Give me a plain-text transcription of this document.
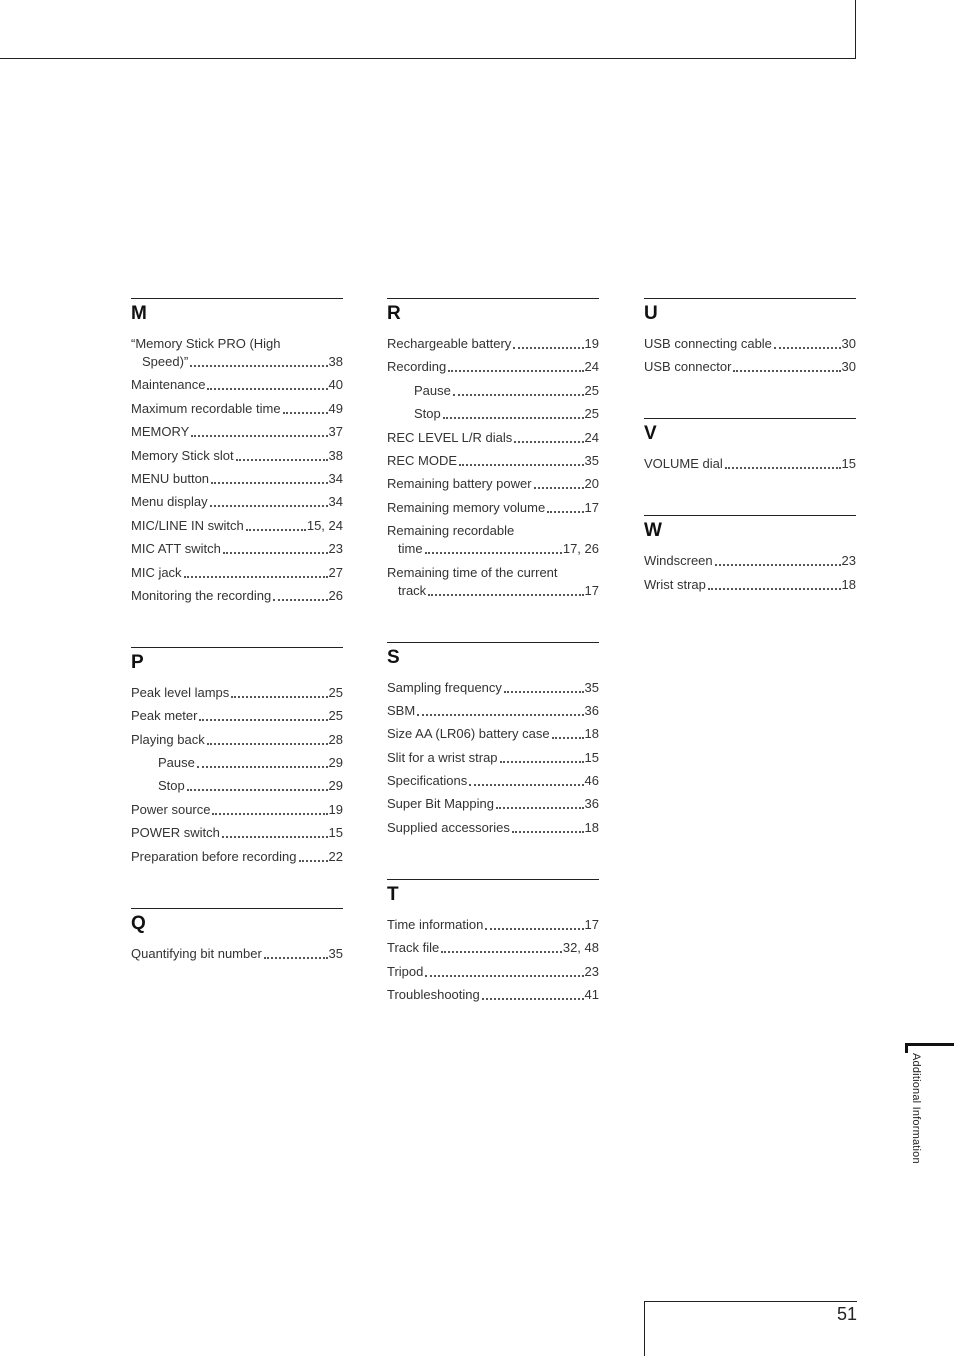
M
“Memory Stick PRO (High
Speed)”	38
Maintenance	40
Maximum recordable time	49
MEMORY	37
Memory Stick slot	38
MENU button	34
Menu display	34
MIC/LINE IN switch	15, 24
MIC ATT switch	23
MIC jack	27
Monitoring the recording	26
P
Peak level lamps	25
Peak meter	25
Playing back	28
Pause	29
Stop	29
Power source	19
POWER switch	15
Preparation before recording 22
Q
Quantifying bit number	35
R
Rechargeable battery	19
Recording	24
Pause	25
Stop	25
REC LEVEL L/R dials	24
REC MODE	35
Remaining battery power	20
Remaining memory volume	17
Remaining recordable
time	17, 26
Remaining time of the current
track	17
S
Sampling frequency	35
SBM	36
Size AA (LR06) battery case	18
Slit for a wrist strap	15
Specifications	46
Super Bit Mapping	36
Supplied accessories	18
T
Time information	17
Track file	32, 48
Tripod	23
Troubleshooting	41
U
USB connecting cable	30
USB connector	30
V
VOLUME dial	15
W
Windscreen	23
Wrist strap	18
Additional Information
51
